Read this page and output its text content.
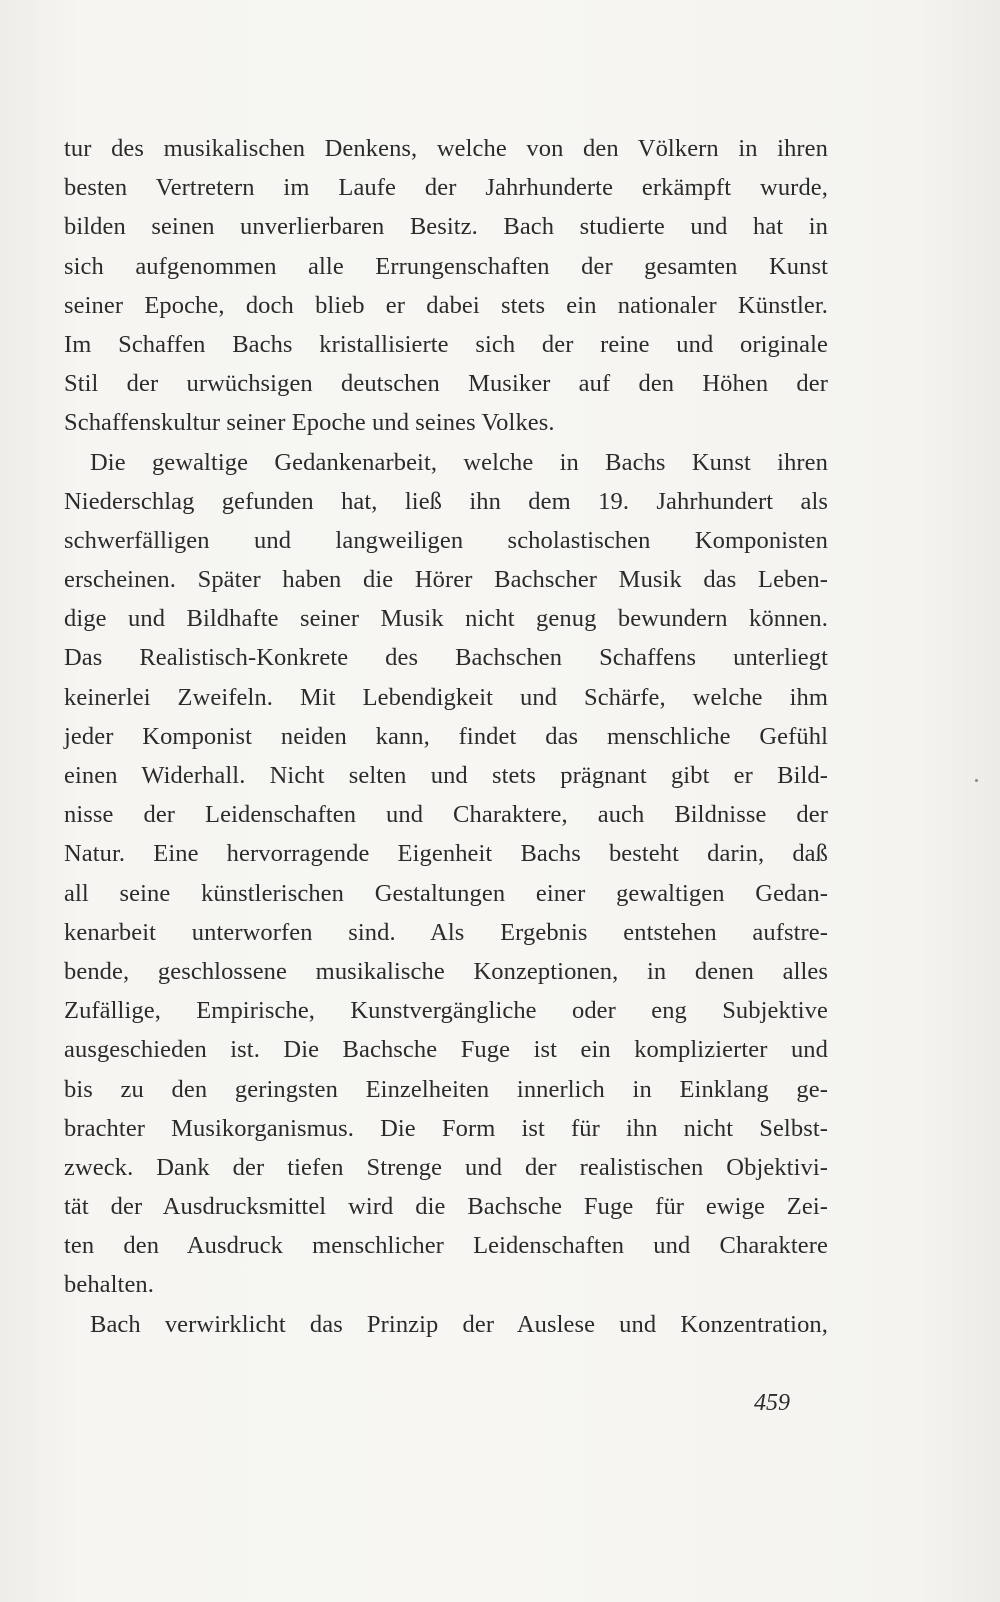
tur des musikalischen Denkens, welche von den Völkern in ihren
besten Vertretern im Laufe der Jahrhunderte erkämpft wurde,
bilden seinen unverlierbaren Besitz. Bach studierte und hat in
sich aufgenommen alle Errungenschaften der gesamten Kunst
seiner Epoche, doch blieb er dabei stets ein nationaler Künstler.
Im Schaffen Bachs kristallisierte sich der reine und originale
Stil der urwüchsigen deutschen Musiker auf den Höhen der
Schaffenskultur seiner Epoche und seines Volkes.
Die gewaltige Gedankenarbeit, welche in Bachs Kunst ihren
Niederschlag gefunden hat, ließ ihn dem 19. Jahrhundert als
schwerfälligen und langweiligen scholastischen Komponisten
erscheinen. Später haben die Hörer Bachscher Musik das Leben-
dige und Bildhafte seiner Musik nicht genug bewundern können.
Das Realistisch-Konkrete des Bachschen Schaffens unterliegt
keinerlei Zweifeln. Mit Lebendigkeit und Schärfe, welche ihm
jeder Komponist neiden kann, findet das menschliche Gefühl
einen Widerhall. Nicht selten und stets prägnant gibt er Bild-
nisse der Leidenschaften und Charaktere, auch Bildnisse der
Natur. Eine hervorragende Eigenheit Bachs besteht darin, daß
all seine künstlerischen Gestaltungen einer gewaltigen Gedan-
kenarbeit unterworfen sind. Als Ergebnis entstehen aufstre-
bende, geschlossene musikalische Konzeptionen, in denen alles
Zufällige, Empirische, Kunstvergängliche oder eng Subjektive
ausgeschieden ist. Die Bachsche Fuge ist ein komplizierter und
bis zu den geringsten Einzelheiten innerlich in Einklang ge-
brachter Musikorganismus. Die Form ist für ihn nicht Selbst-
zweck. Dank der tiefen Strenge und der realistischen Objektivi-
tät der Ausdrucksmittel wird die Bachsche Fuge für ewige Zei-
ten den Ausdruck menschlicher Leidenschaften und Charaktere
behalten.
Bach verwirklicht das Prinzip der Auslese und Konzentration,
459
